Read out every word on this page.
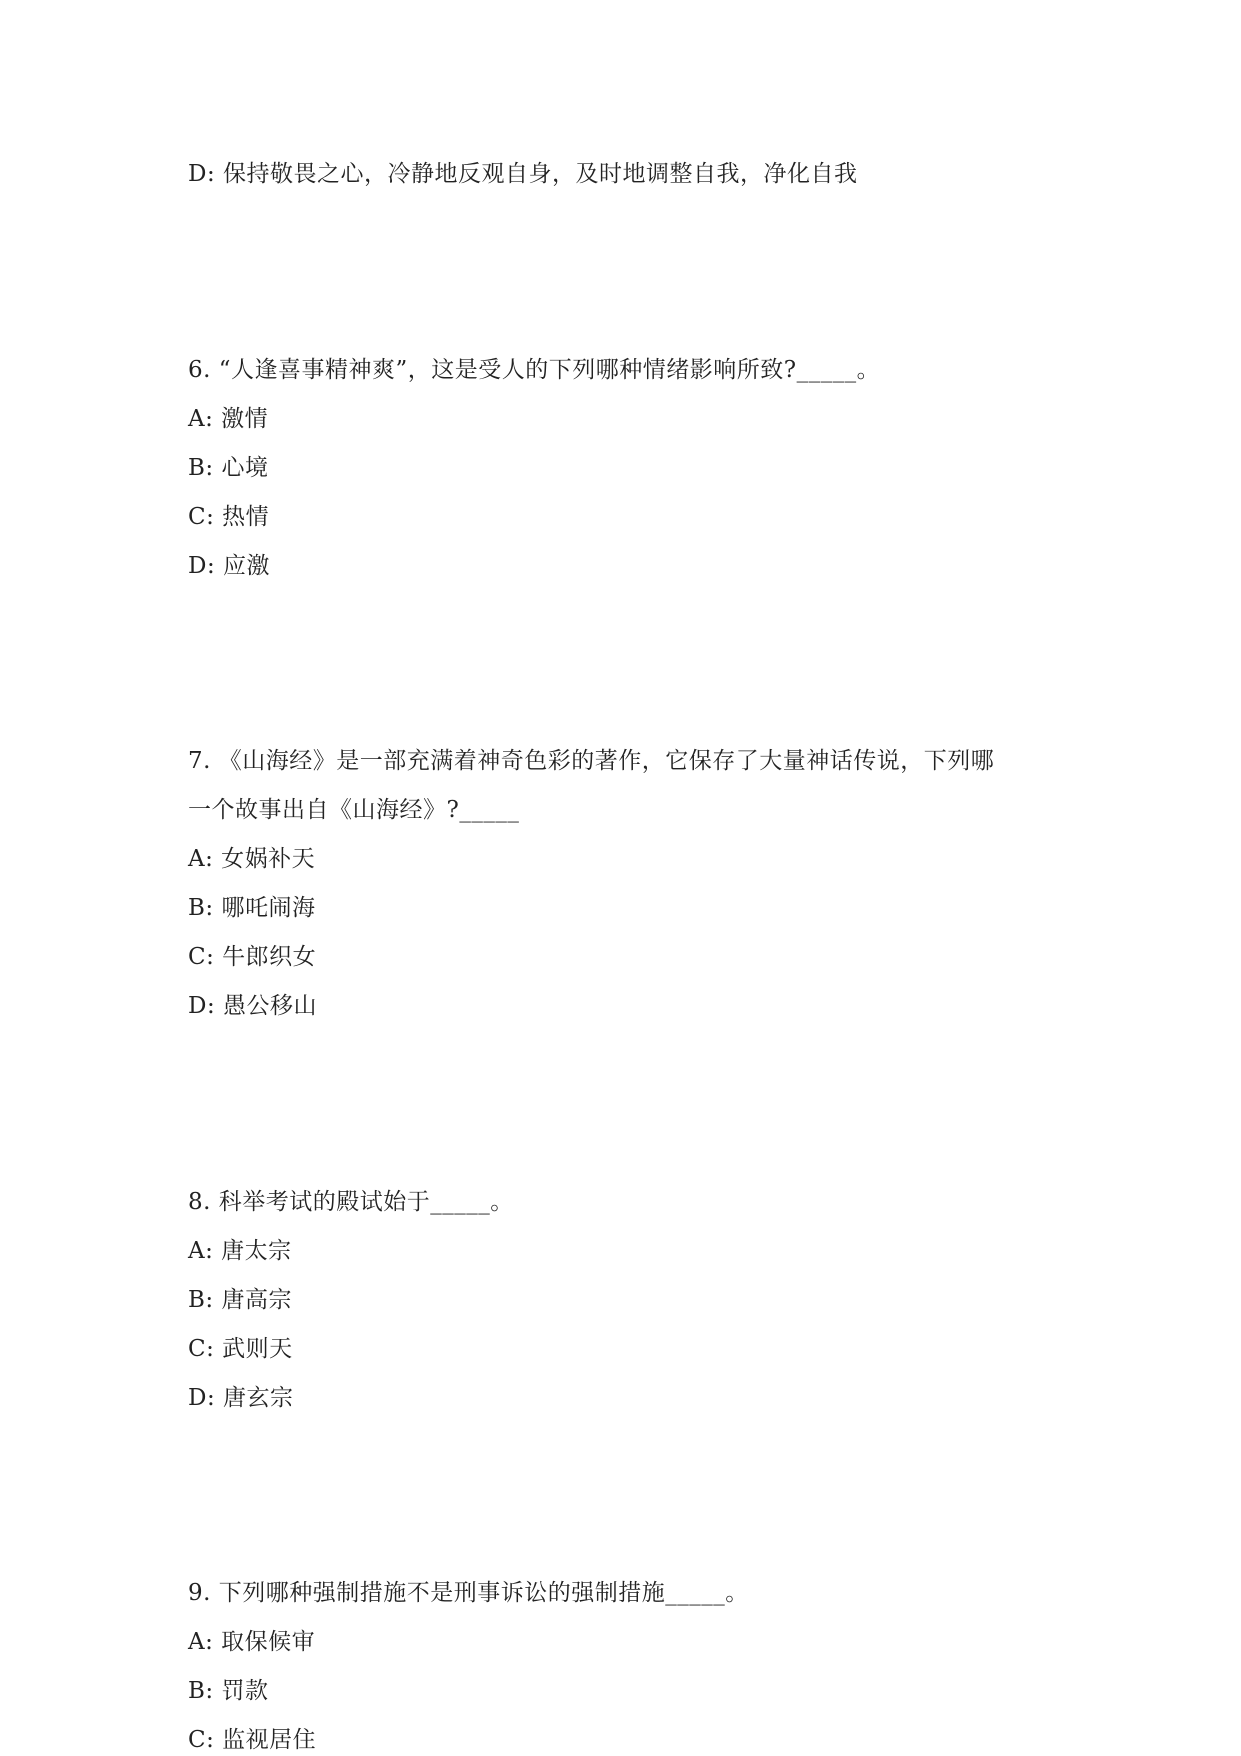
D: 保持敬畏之心，冷静地反观自身，及时地调整自我，净化自我
6. “人逢喜事精神爽”，这是受人的下列哪种情绪影响所致?_____。
A: 激情
B: 心境
C: 热情
D: 应激
7. 《山海经》是一部充满着神奇色彩的著作，它保存了大量神话传说，下列哪
一个故事出自《山海经》?_____
A: 女娲补天
B: 哪吒闹海
C: 牛郎织女
D: 愚公移山
8. 科举考试的殿试始于_____。
A: 唐太宗
B: 唐高宗
C: 武则天
D: 唐玄宗
9. 下列哪种强制措施不是刑事诉讼的强制措施_____。
A: 取保候审
B: 罚款
C: 监视居住
